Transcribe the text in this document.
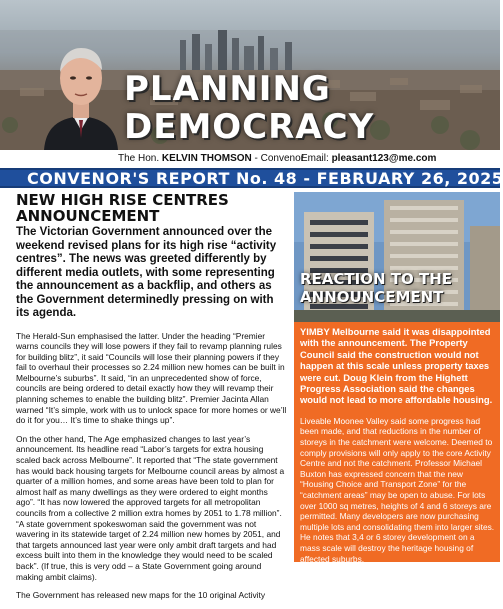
PLANNING
DEMOCRACY
The Hon. KELVIN THOMSON - Convenor
Email: pleasant123@me.com
CONVENOR'S REPORT No. 48 - FEBRUARY 26, 2025
NEW HIGH RISE CENTRES ANNOUNCEMENT
The Victorian Government announced over the weekend revised plans for its high rise “activity centres”. The news was greeted differently by different media outlets, with some representing the announcement as a backflip, and others as the Government determinedly pressing on with its agenda.

The Herald-Sun emphasised the latter. Under the heading “Premier warns councils they will lose powers if they fail to revamp planning rules for building blitz”, it said “Councils will lose their planning powers if they fail to overhaul their processes so 2.24 million new homes can be built in Melbourne’s suburbs”. It said, “in an unprecedented show of force, councils are being ordered to detail exactly how they will revamp their planning schemes to enable the building blitz”. Premier Jacinta Allan warned “It’s simple, work with us to unlock space for more homes or we’ll do it for you… It’s time to shake things up”.

On the other hand, The Age emphasized changes to last year’s announcement. Its headline read “Labor’s targets for extra housing scaled back across Melbourne”. It reported that “The state government has would back housing targets for Melbourne council areas by almost a quarter of a million homes, and some areas have been told to plan for almost half as many dwellings as they were ordered to eight months ago”. “It has now lowered the approved targets for all metropolitan councils from a collective 2 million extra homes by 2051 to 1.78 million”. “A state government spokeswoman said the government was not wavering in its statewide target of 2.24 million new homes by 2051, and that targets announced last year were only ambit draft targets and had excess built into them in the knowledge they would need to be scaled back”. (If true, this is very odd – a State Government going around making ambit claims).

The Government has released new maps for the 10 original Activity

REACTION TO THE ANNOUNCEMENT
YIMBY Melbourne said it was disappointed with the announcement. The Property Council said the construction would not happen at this scale unless property taxes were cut. Doug Klein from the Highett Progress Association said the changes would not lead to more affordable housing.

Liveable Moonee Valley said some progress had been made, and that reductions in the number of storeys in the catchment were welcome. Deemed to comply provisions will only apply to the core Activity Centre and not the catchment. Professor Michael Buxton has expressed concern that the new “Housing Choice and Transport Zone” for the “catchment areas” may be open to abuse. For lots over 1000 sq metres, heights of 4 and 6 storeys are permitted. Many developers are now purchasing multiple lots and consolidating them into larger sites. He notes that 3,4 or 6 storey development on a mass scale will destroy the heritage housing of affected suburbs.

It seems to me worth observing that the changes reflect the impact of lobbying efforts by residents
